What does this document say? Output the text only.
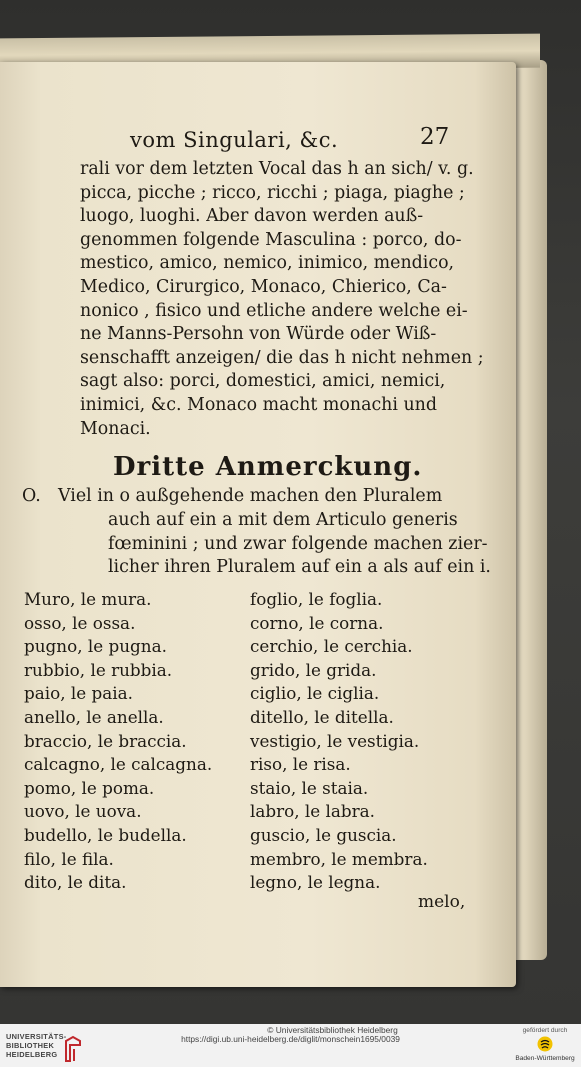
vom Singulari, &c.	27
rali vor dem letzten Vocal das h an sich/ v. g.
picca, picche ; ricco, ricchi ; piaga, piaghe ;
luogo, luoghi. Aber davon werden auß-
genommen folgende Masculina : porco, do-
mestico, amico, nemico, inimico, mendico,
Medico, Cirurgico, Monaco, Chierico, Ca-
nonico , fisico und etliche andere welche ei-
ne Manns-Persohn von Würde oder Wiß-
senschafft anzeigen/ die das h nicht nehmen ;
sagt also: porci, domestici, amici, nemici,
inimici, &c. Monaco macht monachi und
Monaci.
Dritte Anmerckung.
O. Viel in o außgehende machen den Pluralem
auch auf ein a mit dem Articulo generis
fœminini ; und zwar folgende machen zier-
licher ihren Pluralem auf ein a als auf ein i.
Muro, le mura.
osso, le ossa.
pugno, le pugna.
rubbio, le rubbia.
paio, le paia.
anello, le anella.
braccio, le braccia.
calcagno, le calcagna.
pomo, le poma.
uovo, le uova.
budello, le budella.
filo, le fila.
dito, le dita.
foglio, le foglia.
corno, le corna.
cerchio, le cerchia.
grido, le grida.
ciglio, le ciglia.
ditello, le ditella.
vestigio, le vestigia.
riso, le risa.
staio, le staia.
labro, le labra.
guscio, le guscia.
membro, le membra.
legno, le legna.
melo,
UNIVERSITÄTS-
BIBLIOTHEK
HEIDELBERG
© Universitätsbibliothek Heidelberg
https://digi.ub.uni-heidelberg.de/diglit/monschein1695/0039
gefördert durch
Baden-Württemberg
